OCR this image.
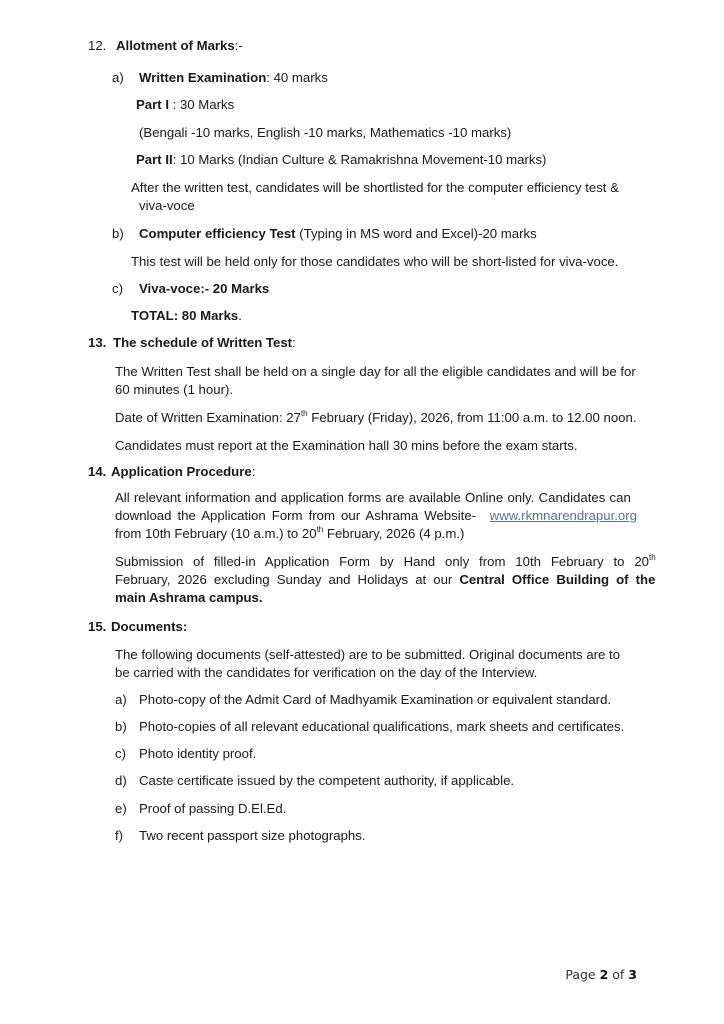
12. Allotment of Marks:-
a) Written Examination: 40 marks
Part I : 30 Marks
(Bengali -10 marks, English -10 marks, Mathematics -10 marks)
Part II: 10 Marks (Indian Culture & Ramakrishna Movement-10 marks)
After the written test, candidates will be shortlisted for the computer efficiency test &
viva-voce
b) Computer efficiency Test (Typing in MS word and Excel)-20 marks
This test will be held only for those candidates who will be short-listed for viva-voce.
c) Viva-voce:- 20 Marks
TOTAL: 80 Marks.
13. The schedule of Written Test:
The Written Test shall be held on a single day for all the eligible candidates and will be for
60 minutes (1 hour).
Date of Written Examination: 27th February (Friday), 2026, from 11:00 a.m. to 12.00 noon.
Candidates must report at the Examination hall 30 mins before the exam starts.
14. Application Procedure:
All relevant information and application forms are available Online only. Candidates can
download the Application Form from our Ashrama Website- www.rkmnarendrapur.org
from 10th February (10 a.m.) to 20th February, 2026 (4 p.m.)
Submission of filled-in Application Form by Hand only from 10th February to 20th
February, 2026 excluding Sunday and Holidays at our Central Office Building of the
main Ashrama campus.
15. Documents:
The following documents (self-attested) are to be submitted. Original documents are to
be carried with the candidates for verification on the day of the Interview.
a) Photo-copy of the Admit Card of Madhyamik Examination or equivalent standard.
b) Photo-copies of all relevant educational qualifications, mark sheets and certificates.
c) Photo identity proof.
d) Caste certificate issued by the competent authority, if applicable.
e) Proof of passing D.El.Ed.
f) Two recent passport size photographs.
Page 2 of 3
